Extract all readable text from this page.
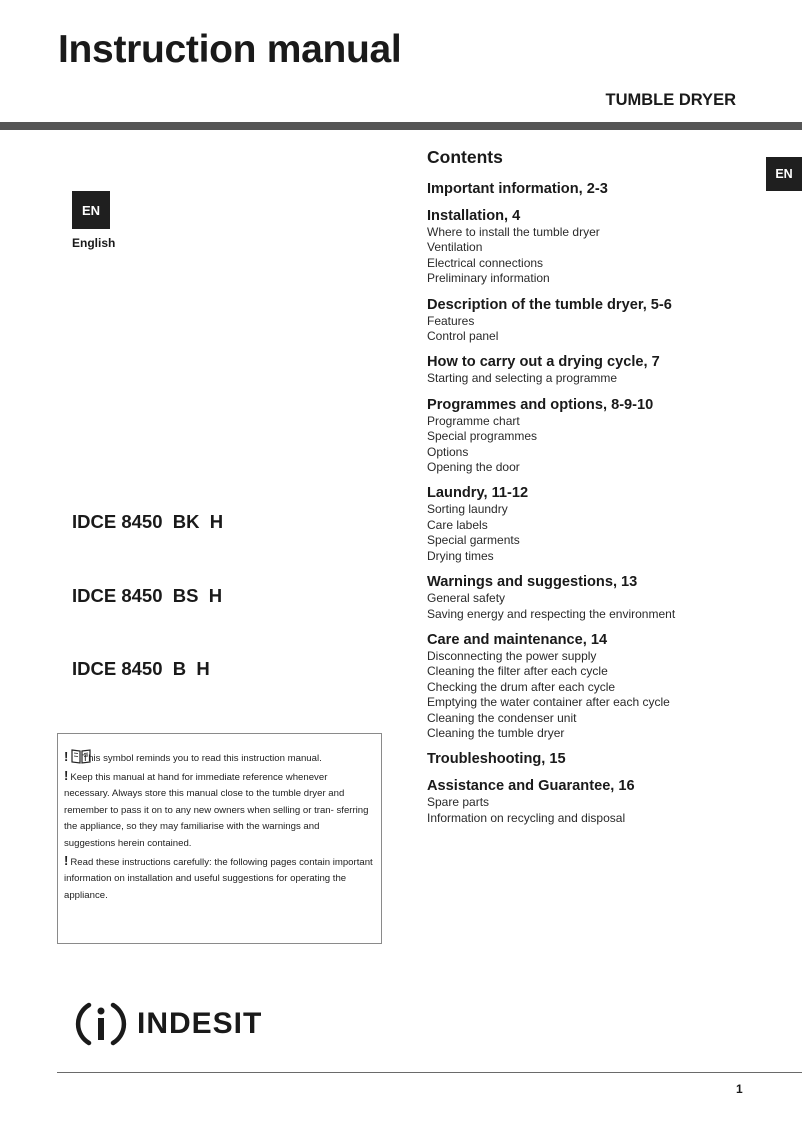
Instruction manual
TUMBLE DRYER
EN
English
EN

IDCE 8450  BK  H

IDCE 8450  BS  H

IDCE 8450  B  H

! This symbol reminds you to read this instruction manual.
! Keep this manual at hand for immediate reference whenever necessary. Always store this manual close to the tumble dryer and remember to pass it on to any new owners when selling or tran- sferring the appliance, so they may familiarise with the warnings and suggestions herein contained.
! Read these instructions carefully: the following pages contain important information on installation and useful suggestions for operating the appliance.
Contents
Important information, 2-3
Installation, 4
Where to install the tumble dryer
Ventilation
Electrical connections
Preliminary information
Description of the tumble dryer, 5-6
Features
Control panel
How to carry out a drying cycle, 7
Starting and selecting a programme
Programmes and options, 8-9-10
Programme chart
Special programmes
Options
Opening the door
Laundry, 11-12
Sorting laundry
Care labels
Special garments
Drying times
Warnings and suggestions, 13
General safety
Saving energy and respecting the environment
Care and maintenance, 14
Disconnecting the power supply
Cleaning the filter after each cycle
Checking the drum after each cycle
Emptying the water container after each cycle
Cleaning the condenser unit
Cleaning the tumble dryer
Troubleshooting, 15
Assistance and Guarantee, 16
Spare parts
Information on recycling and disposal
INDESIT
1
